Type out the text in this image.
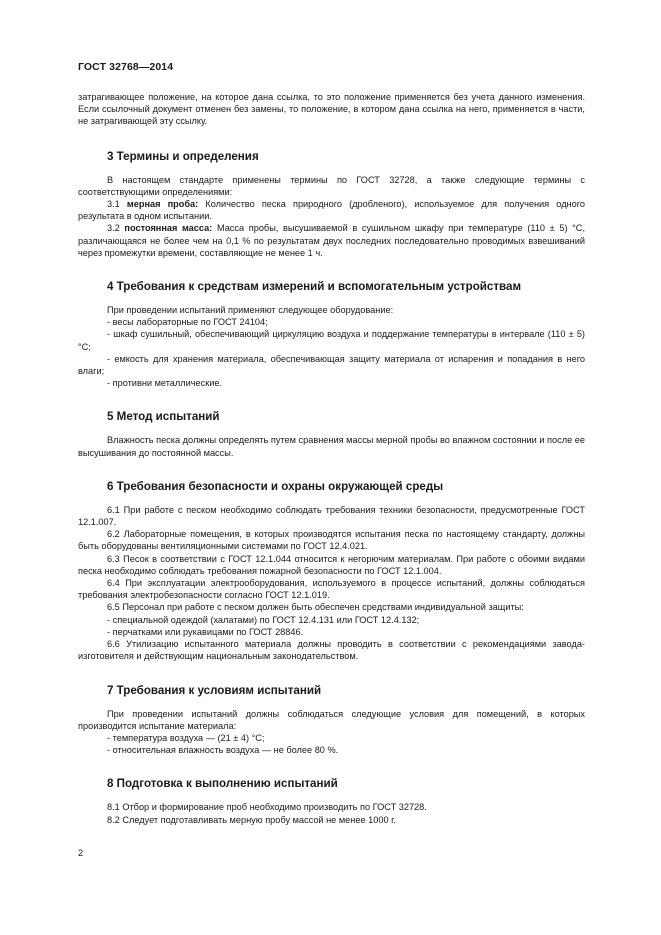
ГОСТ 32768—2014

затрагивающее положение, на которое дана ссылка, то это положение применяется без учета данного изменения. Если ссылочный документ отменен без замены, то положение, в котором дана ссылка на него, применяется в части, не затрагивающей эту ссылку.

3 Термины и определения

В настоящем стандарте применены термины по ГОСТ 32728, а также следующие термины с соответствующими определениями:

3.1 мерная проба: Количество песка природного (дробленого), используемое для получения одного результата в одном испытании.

3.2 постоянная масса: Масса пробы, высушиваемой в сушильном шкафу при температуре (110 ± 5) °С, различающаяся не более чем на 0,1 % по результатам двух последних последовательно проводимых взвешиваний через промежутки времени, составляющие не менее 1 ч.

4 Требования к средствам измерений и вспомогательным устройствам

При проведении испытаний применяют следующее оборудование:

- весы лабораторные по ГОСТ 24104;

- шкаф сушильный, обеспечивающий циркуляцию воздуха и поддержание температуры в интервале (110 ± 5) °С;

- емкость для хранения материала, обеспечивающая защиту материала от испарения и попадания в него влаги;

- противни металлические.

5 Метод испытаний

Влажность песка должны определять путем сравнения массы мерной пробы во влажном состоянии и после ее высушивания до постоянной массы.

6 Требования безопасности и охраны окружающей среды

6.1 При работе с песком необходимо соблюдать требования техники безопасности, предусмотренные ГОСТ 12.1.007.

6.2 Лабораторные помещения, в которых производятся испытания песка по настоящему стандарту, должны быть оборудованы вентиляционными системами по ГОСТ 12.4.021.

6.3 Песок в соответствии с ГОСТ 12.1.044 относится к негорючим материалам. При работе с обоими видами песка необходимо соблюдать требования пожарной безопасности по ГОСТ 12.1.004.

6.4 При эксплуатации электрооборудования, используемого в процессе испытаний, должны соблюдаться требования электробезопасности согласно ГОСТ 12.1.019.

6.5 Персонал при работе с песком должен быть обеспечен средствами индивидуальной защиты:

- специальной одеждой (халатами) по ГОСТ 12.4.131 или ГОСТ 12.4.132;

- перчатками или рукавицами по ГОСТ 28846.

6.6 Утилизацию испытанного материала должны проводить в соответствии с рекомендациями завода-изготовителя и действующим национальным законодательством.

7 Требования к условиям испытаний

При проведении испытаний должны соблюдаться следующие условия для помещений, в которых производится испытание материала:

- температура воздуха — (21 ± 4) °С;

- относительная влажность воздуха — не более 80 %.

8 Подготовка к выполнению испытаний

8.1 Отбор и формирование проб необходимо производить по ГОСТ 32728.

8.2 Следует подготавливать мерную пробу массой не менее 1000 г.

2
